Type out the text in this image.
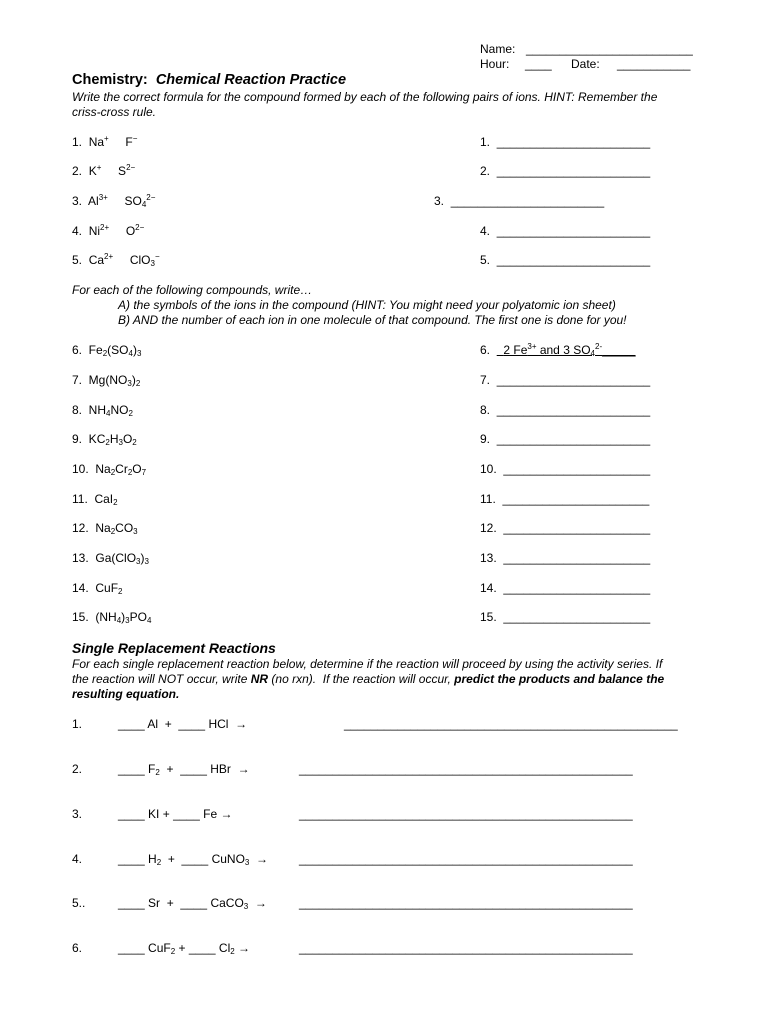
Name: _________________________
Hour: ____ Date: ___________
Chemistry: Chemical Reaction Practice
Write the correct formula for the compound formed by each of the following pairs of ions. HINT: Remember the
criss-cross rule.
1. Na+ F−	1. _______________________
2. K+ $S^{2-}$	2. _______________________
3. $Al^{3+}$ $SO_4^{2-}$	3. _______________________
4. $Ni^{2+}$ $O^{2-}$	4. _______________________
5. $Ca^{2+}$ ClO$_3$−	5. _______________________
For each of the following compounds, write…
A) the symbols of the ions in the compound (HINT: You might need your polyatomic ion sheet)
B) AND the number of each ion in one molecule of that compound. The first one is done for you!
6.  $Fe_2(SO_4)_3$	6. 2 $Fe^{3+}$ and 3 $SO_4^{2-}\_\_\_\_\_$
7.  $Mg(NO_3)_2$	7. _______________________
8.  $NH_4NO_2$	8. _______________________
9.  $KC_2H_3O_2$	9. _______________________
10.  $Na_2Cr_2O_7$	10. ______________________
11.  CaI$_2$	11. ______________________
12.  $Na_2CO_3$	12. ______________________
13.  $Ga(ClO_3)_3$	13. ______________________
14.  CuF$_2$	14. ______________________
15.  $(NH_4)_3PO_4$	15. ______________________
Single Replacement Reactions
For each single replacement reaction below, determine if the reaction will proceed by using the activity series. If
the reaction will NOT occur, write NR (no rxn).  If the reaction will occur, predict the products and balance the
resulting equation.
1.	____ Al  +  ____ HCl →	__________________________________________________
2.	____ $F_2$  +  ____ HBr →	__________________________________________________
3.	____ KI + ____ Fe →	__________________________________________________
4.	____ $H_2$  +  ____ CuNO$_3$ →	__________________________________________________
5..	____ Sr  +  ____ CaCO$_3$ →	__________________________________________________
6.	____ CuF$_2$ + ____ $Cl_2$ →	__________________________________________________
